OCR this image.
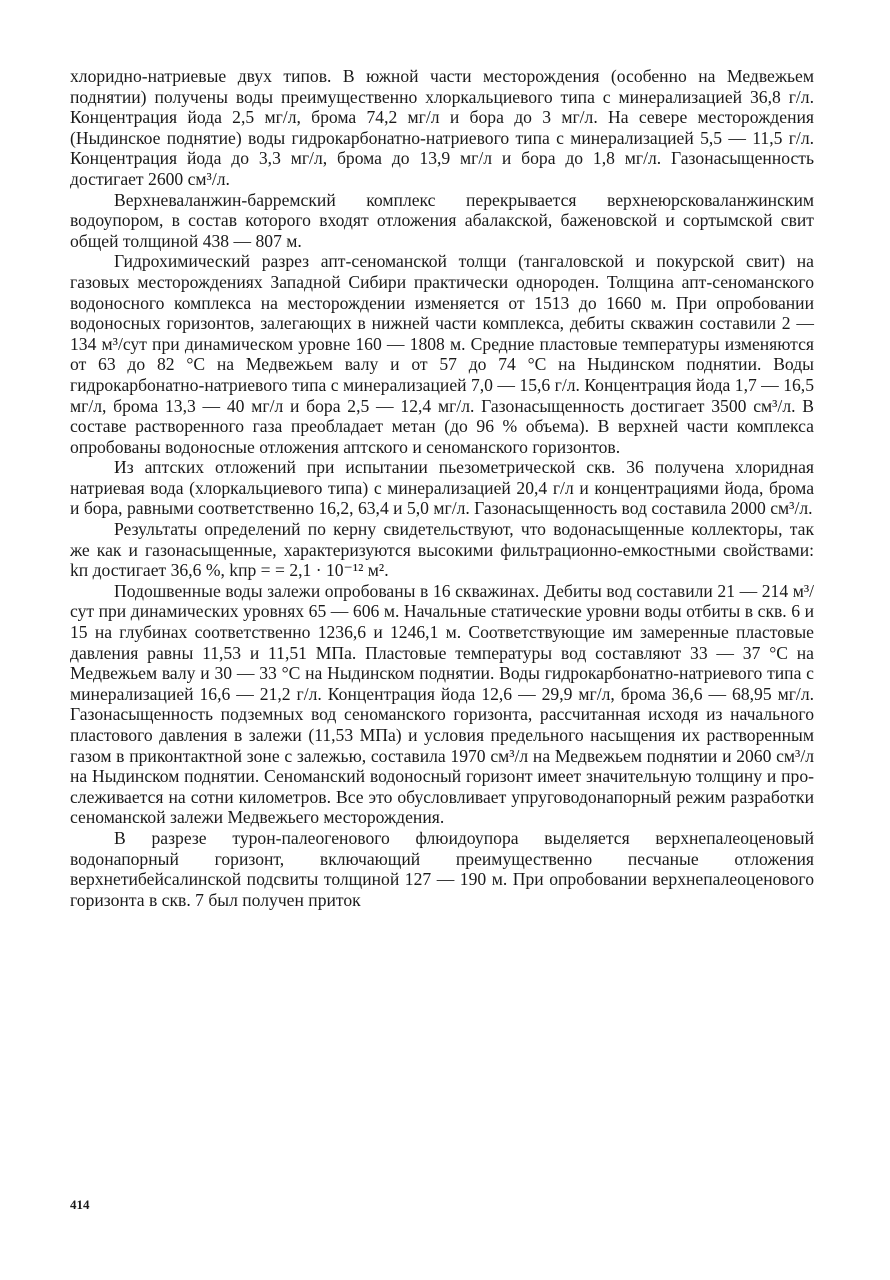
хлоридно-натриевые двух типов. В южной части месторождения (особенно на Медвежьем поднятии) получены воды преимущественно хлоркальциевого типа с минерализацией 36,8 г/л. Концентрация йода 2,5 мг/л, брома 74,2 мг/л и бора до 3 мг/л. На севере месторождения (Ныдинское поднятие) воды гидрокарбонатно-натриевого типа с минерализацией 5,5 — 11,5 г/л. Концентрация йода до 3,3 мг/л, брома до 13,9 мг/л и бора до 1,8 мг/л. Газонасыщенность достигает 2600 см³/л.

Верхневаланжин-барремский комплекс перекрывается верхнеюрсковаланжинским водоупором, в состав которого входят отложения абалакской, баженовской и сортымской свит общей толщиной 438 — 807 м.

Гидрохимический разрез апт-сеноманской толщи (тангаловской и покурской свит) на газовых месторождениях Западной Сибири практически однороден. Толщина апт-сеноманского водоносного комплекса на месторождении изменяется от 1513 до 1660 м. При опробовании водоносных горизонтов, залегающих в нижней части комплекса, дебиты скважин составили 2 — 134 м³/сут при динамическом уровне 160 — 1808 м. Средние пластовые температуры изменяются от 63 до 82 °С на Медвежьем валу и от 57 до 74 °С на Ныдинском поднятии. Воды гидрокарбонатно-натриевого типа с минерализацией 7,0 — 15,6 г/л. Концентрация йода 1,7 — 16,5 мг/л, брома 13,3 — 40 мг/л и бора 2,5 — 12,4 мг/л. Газонасыщенность достигает 3500 см³/л. В составе растворенного газа преобладает метан (до 96 % объема). В верхней части комплекса опробованы водоносные отложения аптского и сеноманского горизонтов.

Из аптских отложений при испытании пьезометрической скв. 36 получена хлоридная натриевая вода (хлоркальциевого типа) с минерализацией 20,4 г/л и концентрациями йода, брома и бора, равными соответственно 16,2, 63,4 и 5,0 мг/л. Газонасыщенность вод составила 2000 см³/л.

Результаты определений по керну свидетельствуют, что водонасыщенные коллекторы, так же как и газонасыщенные, характеризуются высокими фильтрационно-емкостными свойствами: kп достигает 36,6 %, kпр = = 2,1 · 10⁻¹² м².

Подошвенные воды залежи опробованы в 16 скважинах. Дебиты вод составили 21 — 214 м³/сут при динамических уровнях 65 — 606 м. Начальные статические уровни воды отбиты в скв. 6 и 15 на глубинах соответственно 1236,6 и 1246,1 м. Соответствующие им замеренные пластовые давления равны 11,53 и 11,51 МПа. Пластовые температуры вод составляют 33 — 37 °С на Медвежьем валу и 30 — 33 °С на Ныдинском поднятии. Воды гидрокарбонатно-натриевого типа с минерализацией 16,6 — 21,2 г/л. Концентрация йода 12,6 — 29,9 мг/л, брома 36,6 — 68,95 мг/л. Газонасыщенность подземных вод сеноманского горизонта, рассчитанная исходя из начального пластового давления в залежи (11,53 МПа) и условия предельного насыщения их растворенным газом в приконтактной зоне с залежью, составила 1970 см³/л на Медвежьем поднятии и 2060 см³/л на Ныдинском поднятии. Сеноманский водоносный горизонт имеет значительную толщину и прослеживается на сотни километров. Все это обусловливает упруговодонапорный режим разработки сеноманской залежи Медвежьего месторождения.

В разрезе турон-палеогенового флюидоупора выделяется верхнепалеоценовый водонапорный горизонт, включающий преимущественно песчаные отложения верхнетибейсалинской подсвиты толщиной 127 — 190 м. При опробовании верхнепалеоценового горизонта в скв. 7 был получен приток

414
